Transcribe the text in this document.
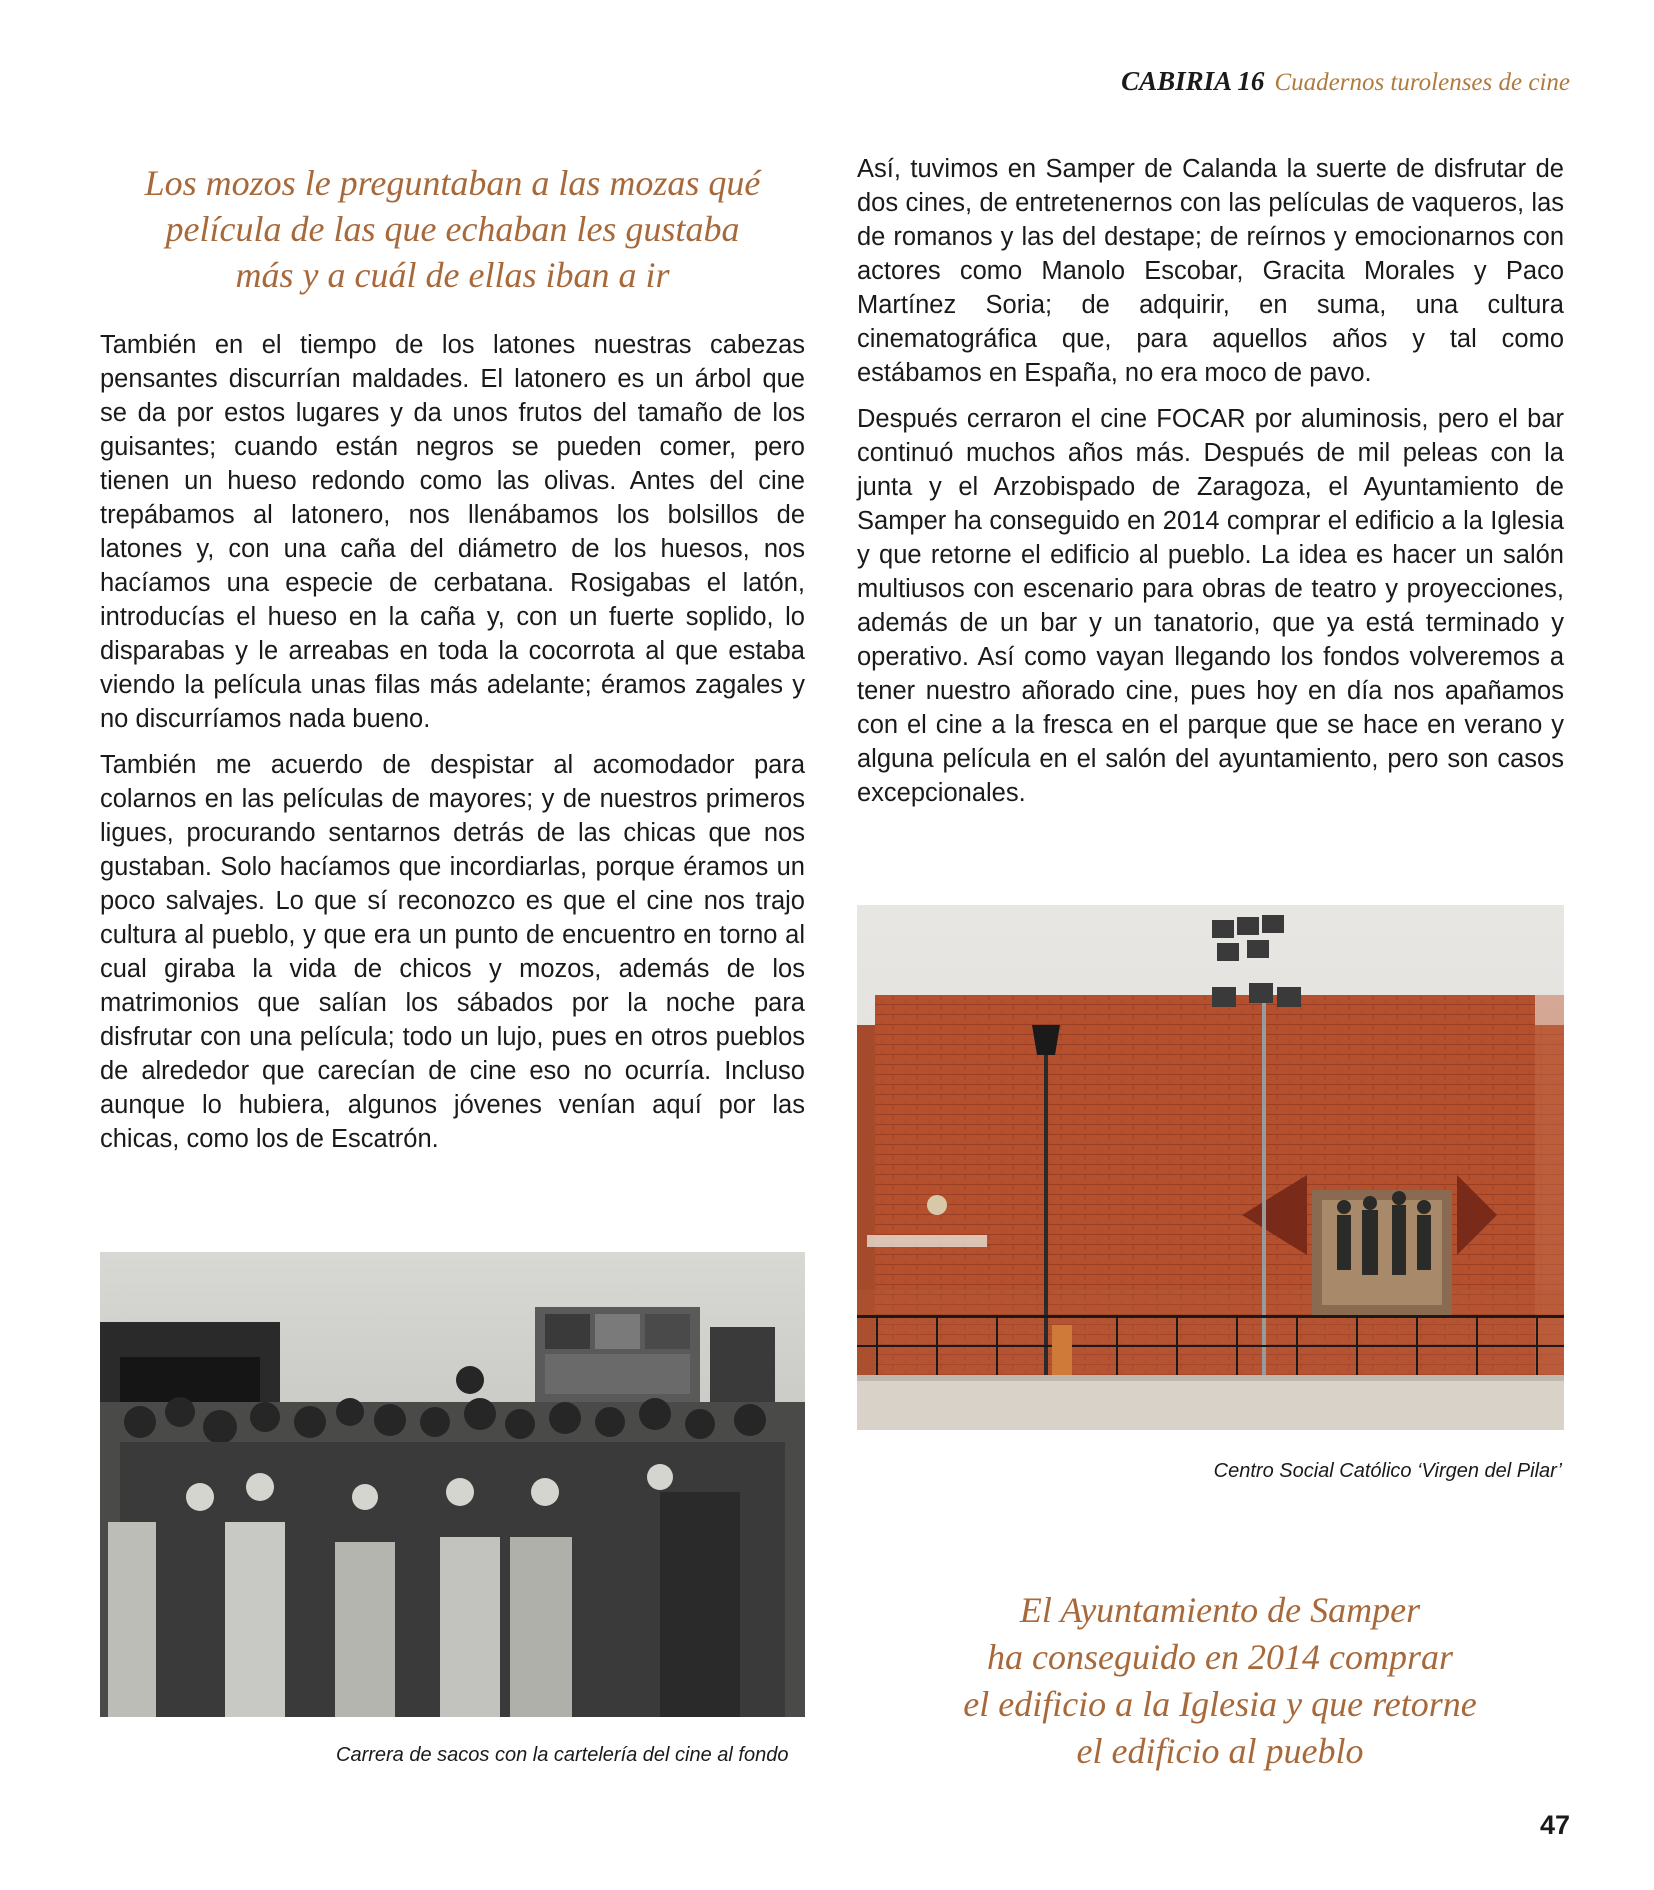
CABIRIA 16 Cuadernos turolenses de cine
Los mozos le preguntaban a las mozas qué
película de las que echaban les gustaba
más y a cuál de ellas iban a ir

También en el tiempo de los latones nuestras cabezas pensantes discurrían maldades. El latonero es un árbol que se da por estos lugares y da unos frutos del tamaño de los guisantes; cuando están negros se pueden comer, pero tienen un hueso redondo como las olivas. Antes del cine trepábamos al latonero, nos llenábamos los bolsillos de latones y, con una caña del diámetro de los huesos, nos hacíamos una especie de cerbatana. Rosigabas el latón, introducías el hueso en la caña y, con un fuerte soplido, lo disparabas y le arreabas en toda la cocorrota al que estaba viendo la película unas filas más adelante; éramos zagales y no discurríamos nada bueno.

También me acuerdo de despistar al acomodador para colarnos en las películas de mayores; y de nuestros primeros ligues, procurando sentarnos detrás de las chicas que nos gustaban. Solo hacíamos que incordiarlas, porque éramos un poco salvajes. Lo que sí reconozco es que el cine nos trajo cultura al pueblo, y que era un punto de encuentro en torno al cual giraba la vida de chicos y mozos, además de los matrimonios que salían los sábados por la noche para disfrutar con una película; todo un lujo, pues en otros pueblos de alrededor que carecían de cine eso no ocurría. Incluso aunque lo hubiera, algunos jóvenes venían aquí por las chicas, como los de Escatrón.

Así, tuvimos en Samper de Calanda la suerte de disfrutar de dos cines, de entretenernos con las películas de vaqueros, las de romanos y las del destape; de reírnos y emocionarnos con actores como Manolo Escobar, Gracita Morales y Paco Martínez Soria; de adquirir, en suma, una cultura cinematográfica que, para aquellos años y tal como estábamos en España, no era moco de pavo.

Después cerraron el cine FOCAR por aluminosis, pero el bar continuó muchos años más. Después de mil peleas con la junta y el Arzobispado de Zaragoza, el Ayuntamiento de Samper ha conseguido en 2014 comprar el edificio a la Iglesia y que retorne el edificio al pueblo. La idea es hacer un salón multiusos con escenario para obras de teatro y proyecciones, además de un bar y un tanatorio, que ya está terminado y operativo. Así como vayan llegando los fondos volveremos a tener nuestro añorado cine, pues hoy en día nos apañamos con el cine a la fresca en el parque que se hace en verano y alguna película en el salón del ayuntamiento, pero son casos excepcionales.

Carrera de sacos con la cartelería del cine al fondo
Centro Social Católico ‘Virgen del Pilar’
El Ayuntamiento de Samper
ha conseguido en 2014 comprar
el edificio a la Iglesia y que retorne
el edificio al pueblo
47
